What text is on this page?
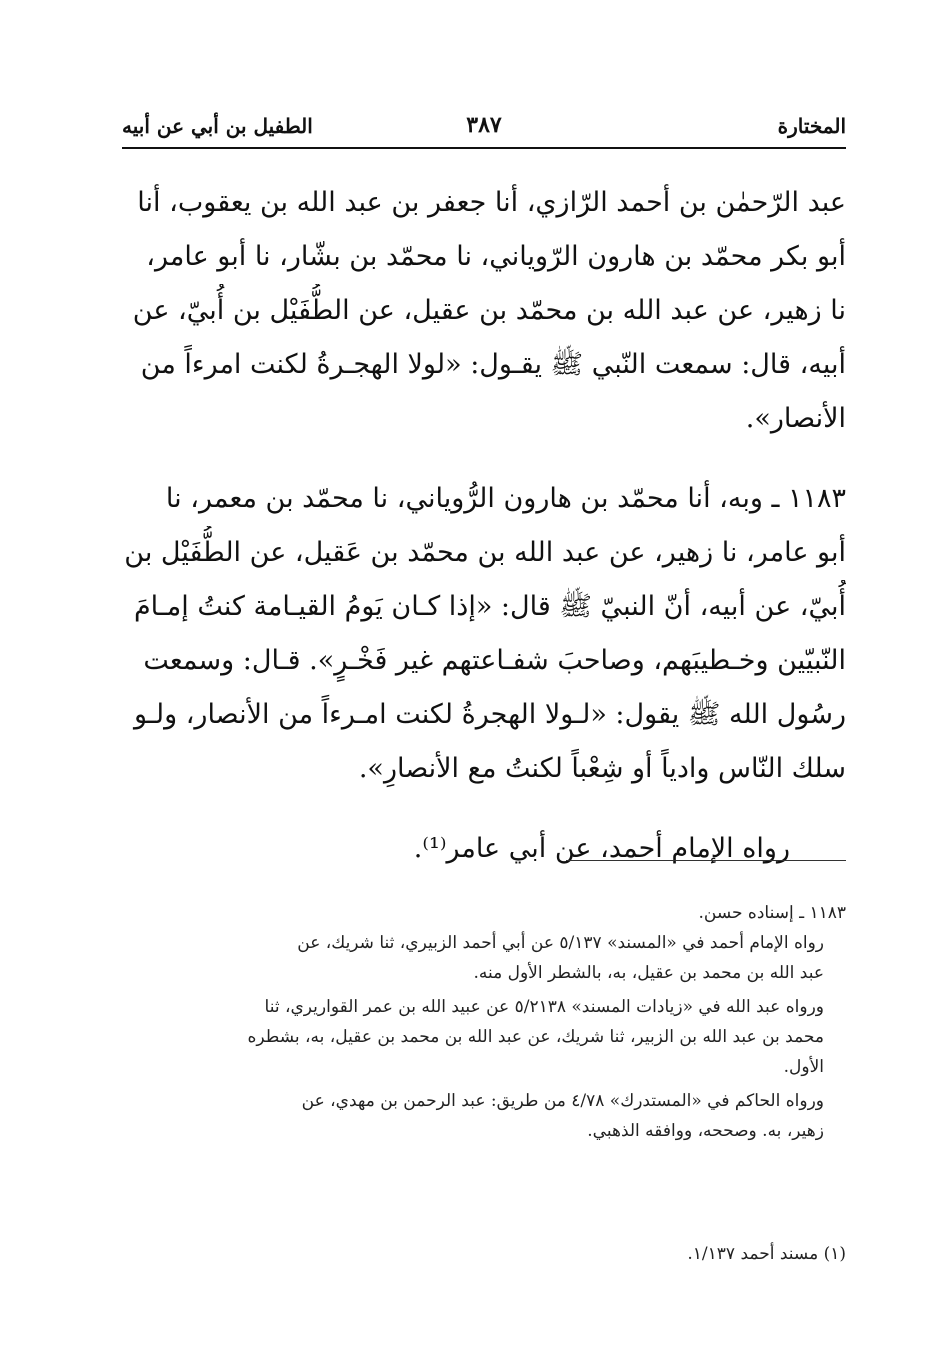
المختارة
٣٨٧
الطفيل بن أبي عن أبيه
عبد الرّحمٰن بن أحمد الرّازي، أنا جعفر بن عبد الله بن يعقوب، أنا
أبو بكر محمّد بن هارون الرّوياني، نا محمّد بن بشّار، نا أبو عامر،
نا زهير، عن عبد الله بن محمّد بن عقيل، عن الطُّفَيْل بن أُبيّ، عن
أبيه، قال: سمعت النّبي ﷺ يقـول: «لولا الهجـرةُ لكنت امرءاً من
الأنصار».
١١٨٣ ـ وبه، أنا محمّد بن هارون الرُّوياني، نا محمّد بن معمر، نا
أبو عامر، نا زهير، عن عبد الله بن محمّد بن عَقيل، عن الطُّفَيْل بن
أُبيّ، عن أبيه، أنّ النبيّ ﷺ قال: «إذا كـان يَومُ القيـامة كنتُ إمـامَ
النّبيّين وخـطيبَهم، وصاحبَ شفـاعتهم غير فَخْـرٍ». قـال: وسمعت
رسُول الله ﷺ يقول: «لـولا الهجرةُ لكنت امـرءاً من الأنصار، ولـو
سلك النّاس وادياً أو شِعْباً لكنتُ مع الأنصارِ».
رواه الإمام أحمد، عن أبي عامر⁽¹⁾.
١١٨٣ ـ إسناده حسن.
رواه الإمام أحمد في «المسند» ٥/١٣٧ عن أبي أحمد الزبيري، ثنا شريك، عن
عبد الله بن محمد بن عقيل، به، بالشطر الأول منه.
ورواه عبد الله في «زيادات المسند» ٥/٢١٣٨ عن عبيد الله بن عمر القواريري، ثنا
محمد بن عبد الله بن الزبير، ثنا شريك، عن عبد الله بن محمد بن عقيل، به، بشطره
الأول.
ورواه الحاكم في «المستدرك» ٤/٧٨ من طريق: عبد الرحمن بن مهدي، عن
زهير، به. وصححه، ووافقه الذهبي.
(١) مسند أحمد ١/١٣٧.
